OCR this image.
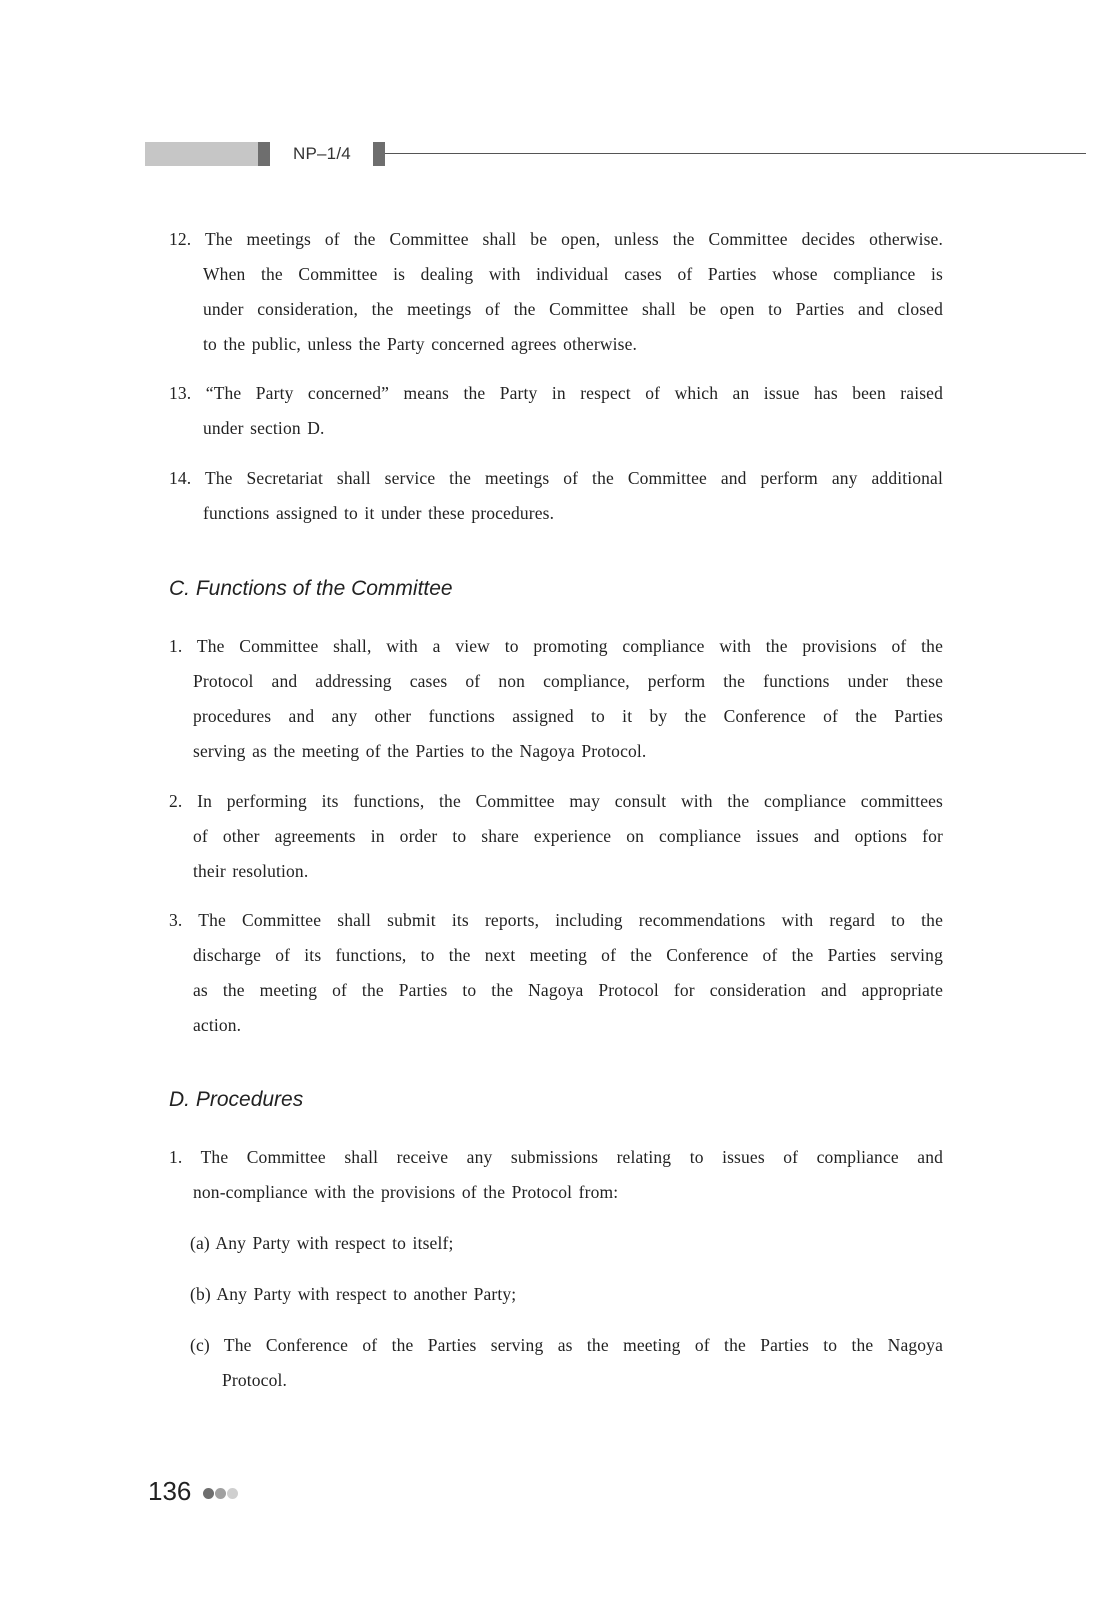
NP–1/4
12. The meetings of the Committee shall be open, unless the Committee decides otherwise.
When the Committee is dealing with individual cases of Parties whose compliance is
under consideration, the meetings of the Committee shall be open to Parties and closed
to the public, unless the Party concerned agrees otherwise.
13. “The Party concerned” means the Party in respect of which an issue has been raised
under section D.
14. The Secretariat shall service the meetings of the Committee and perform any additional
functions assigned to it under these procedures.
C. Functions of the Committee
1. The Committee shall, with a view to promoting compliance with the provisions of the
Protocol and addressing cases of non compliance, perform the functions under these
procedures and any other functions assigned to it by the Conference of the Parties
serving as the meeting of the Parties to the Nagoya Protocol.
2. In performing its functions, the Committee may consult with the compliance committees
of other agreements in order to share experience on compliance issues and options for
their resolution.
3. The Committee shall submit its reports, including recommendations with regard to the
discharge of its functions, to the next meeting of the Conference of the Parties serving
as the meeting of the Parties to the Nagoya Protocol for consideration and appropriate
action.
D. Procedures
1. The Committee shall receive any submissions relating to issues of compliance and
non-compliance with the provisions of the Protocol from:
(a) Any Party with respect to itself;
(b) Any Party with respect to another Party;
(c) The Conference of the Parties serving as the meeting of the Parties to the Nagoya
Protocol.
136
